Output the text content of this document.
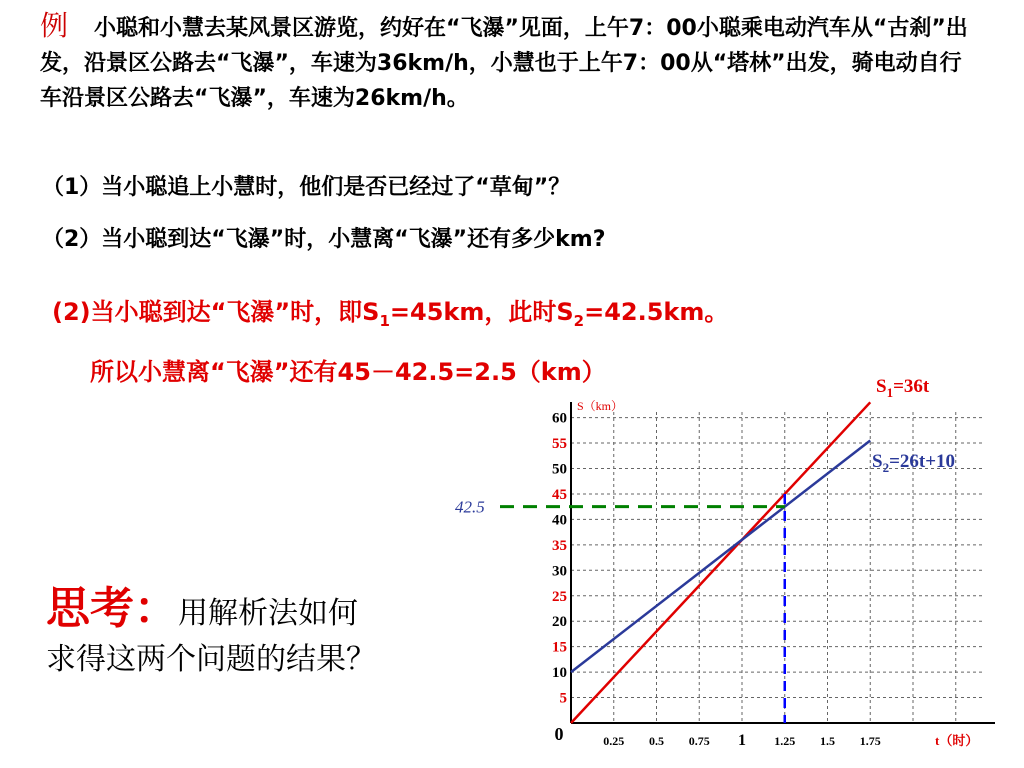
例 小聪和小慧去某风景区游览，约好在“飞瀑”见面，上午7：00小聪乘电动汽车从“古刹”出发，沿景区公路去“飞瀑”，车速为36km/h，小慧也于上午7：00从“塔林”出发，骑电动自行车沿景区公路去“飞瀑”，车速为26km/h。
（1）当小聪追上小慧时，他们是否已经过了“草甸”？
（2）当小聪到达“飞瀑”时，小慧离“飞瀑”还有多少km?
(2)当小聪到达“飞瀑”时，即$S_1=45km$，此时$S_2=42.5km$。
所以小慧离“飞瀑”还有45－42.5=2.5（km）
思考：用解析法如何
求得这两个问题的结果？
5
10
15
20
25
30
35
40
45
50
55
60
0.25 0.5 0.75 1 1.25 1.5 1.75
0
S（km）
t（时）
$S_1=36t$
$S_2=26t+10$
42.5
